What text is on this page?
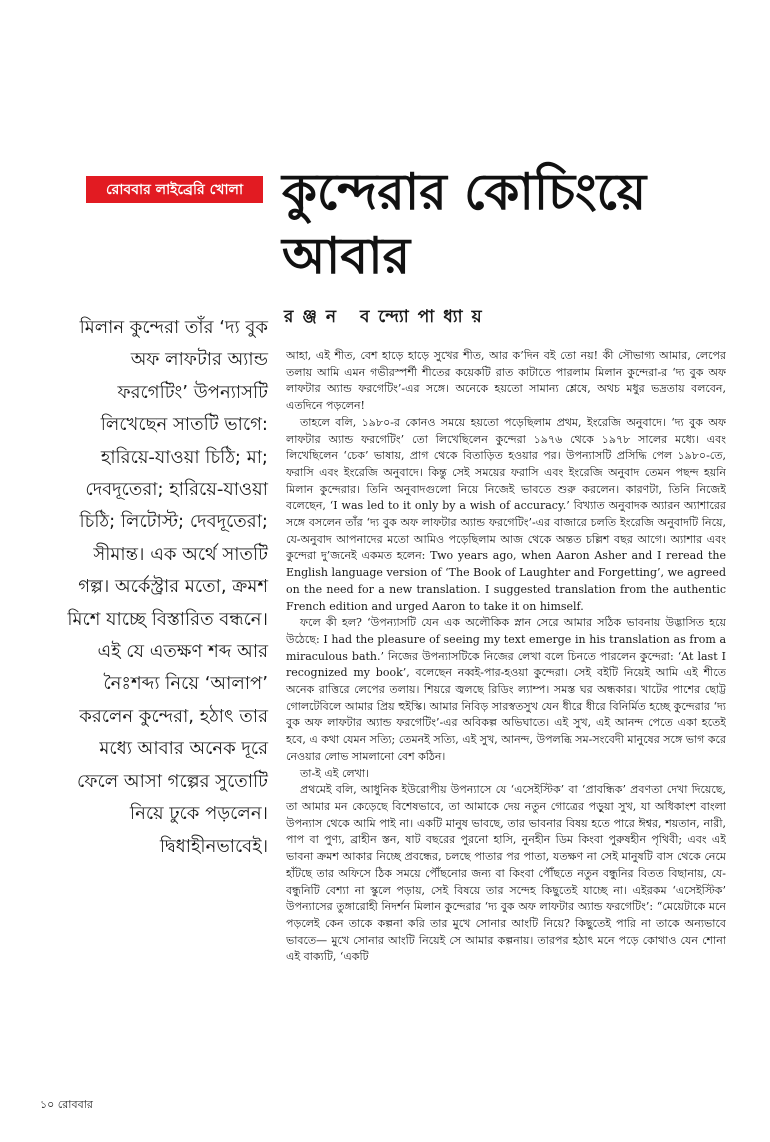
রোববার লাইব্রেরি খোলা কুন্দেরার কোচিংয়ে
আবার
রঞ্জন বন্দ্যোপাধ্যায়

মিলান কুন্দেরা তাঁর ‘দ্য বুক অফ লাফটার অ্যান্ড ফরগেটিং’ উপন্যাসটি লিখেছেন সাতটি ভাগে: হারিয়ে-যাওয়া চিঠি; মা; দেবদূতেরা; হারিয়ে-যাওয়া চিঠি; লিটোস্ট; দেবদূতেরা; সীমান্ত। এক অর্থে সাতটি গল্প। অর্কেস্ট্রার মতো, ক্রমশ মিশে যাচ্ছে বিস্তারিত বন্ধনে। এই যে এতক্ষণ শব্দ আর নৈঃশব্দ্য নিয়ে ‘আলাপ’ করলেন কুন্দেরা, হঠাৎ তার মধ্যে আবার অনেক দূরে ফেলে আসা গল্পের সুতোটি নিয়ে ঢুকে পড়লেন। দ্বিধাহীনভাবেই।

আহা, এই শীত, বেশ হাড়ে হাড়ে সুখের শীত, আর ক’দিন বই তো নয়! কী সৌভাগ্য আমার, লেপের তলায় আমি এমন গভীরস্পর্শী শীতের কয়েকটি রাত কাটাতে পারলাম মিলান কুন্দেরা-র ‘দ্য বুক অফ লাফটার অ্যান্ড ফরগেটিং’-এর সঙ্গে। অনেকে হয়তো সামান্য শ্লেষে, অথচ মধুর ভদ্রতায় বলবেন, এতদিনে পড়লেন!

তাহলে বলি, ১৯৮০-র কোনও সময়ে হয়তো পড়েছিলাম প্রথম, ইংরেজি অনুবাদে। ‘দ্য বুক অফ লাফটার অ্যান্ড ফরগেটিং’ তো লিখেছিলেন কুন্দেরা ১৯৭৬ থেকে ১৯৭৮ সালের মধ্যে। এবং লিখেছিলেন ‘চেক’ ভাষায়, প্রাগ থেকে বিতাড়িত হওয়ার পর। উপন্যাসটি প্রসিদ্ধি পেল ১৯৮০-তে, ফরাসি এবং ইংরেজি অনুবাদে। কিন্তু সেই সময়ের ফরাসি এবং ইংরেজি অনুবাদ তেমন পছন্দ হয়নি মিলান কুন্দেরার। তিনি অনুবাদগুলো নিয়ে নিজেই ভাবতে শুরু করলেন। কারণটা, তিনি নিজেই বলেছেন, ‘I was led to it only by a wish of accuracy.’ বিখ্যাত অনুবাদক অ্যারন অ্যাশারের সঙ্গে বসলেন তাঁর ‘দ্য বুক অফ লাফটার অ্যান্ড ফরগেটিং’-এর বাজারে চলতি ইংরেজি অনুবাদটি নিয়ে, যে-অনুবাদ আপনাদের মতো আমিও পড়েছিলাম আজ থেকে অন্তত চল্লিশ বছর আগে। অ্যাশার এবং কুন্দেরা দু’জনেই একমত হলেন: Two years ago, when Aaron Asher and I reread the English language version of ‘The Book of Laughter and Forgetting’, we agreed on the need for a new translation. I suggested translation from the authentic French edition and urged Aaron to take it on himself.

ফলে কী হল? ‘উপন্যাসটি যেন এক অলৌকিক স্নান সেরে আমার সঠিক ভাবনায় উদ্ভাসিত হয়ে উঠেছে: I had the pleasure of seeing my text emerge in his translation as from a miraculous bath.’ নিজের উপন্যাসটিকে নিজের লেখা বলে চিনতে পারলেন কুন্দেরা: ‘At last I recognized my book’, বলেছেন নব্বই-পার-হওয়া কুন্দেরা। সেই বইটি নিয়েই আমি এই শীতে অনেক রাত্তিরে লেপের তলায়। শিয়রে জ্বলছে রিডিং ল্যাম্প। সমস্ত ঘর অন্ধকার। খাটের পাশের ছোট্ট গোলটেবিলে আমার প্রিয় হুইস্কি। আমার নিবিড় সারস্বতসুখ যেন ধীরে ধীরে বিনির্মিত হচ্ছে কুন্দেরার ‘দ্য বুক অফ লাফটার অ্যান্ড ফরগেটিং’-এর অবিকল্প অভিঘাতে। এই সুখ, এই আনন্দ পেতে একা হতেই হবে, এ কথা যেমন সত্যি; তেমনই সত্যি, এই সুখ, আনন্দ, উপলব্ধি সম-সংবেদী মানুষের সঙ্গে ভাগ করে নেওয়ার লোভ সামলানো বেশ কঠিন।

তা-ই এই লেখা।

প্রথমেই বলি, আধুনিক ইউরোপীয় উপন্যাসে যে ‘এসেইস্টিক’ বা ‘প্রাবন্ধিক’ প্রবণতা দেখা দিয়েছে, তা আমার মন কেড়েছে বিশেষভাবে, তা আমাকে দেয় নতুন গোত্রের পড়ুয়া সুখ, যা অধিকাংশ বাংলা উপন্যাস থেকে আমি পাই না। একটি মানুষ ভাবছে, তার ভাবনার বিষয় হতে পারে ঈশ্বর, শয়তান, নারী, পাপ বা পুণ্য, ব্রাহীন স্তন, ষাট বছরের পুরনো হাসি, নুনহীন ডিম কিংবা পুরুষহীন পৃথিবী; এবং এই ভাবনা ক্রমশ আকার নিচ্ছে প্রবন্ধের, চলছে পাতার পর পাতা, যতক্ষণ না সেই মানুষটি বাস থেকে নেমে হাঁটছে তার অফিসে ঠিক সময়ে পৌঁছনোর জন্য বা কিংবা পৌঁছতে নতুন বন্ধুনির বিতত বিছানায়, যে-বন্ধুনিটি বেশ্যা না স্কুলে পড়ায়, সেই বিষয়ে তার সন্দেহ কিছুতেই যাচ্ছে না। এইরকম ‘এসেইস্টিক’ উপন্যাসের তুঙ্গারোহী নিদর্শন মিলান কুন্দেরার ‘দ্য বুক অফ লাফটার অ্যান্ড ফরগেটিং’: “মেয়েটাকে মনে পড়লেই কেন তাকে কল্পনা করি তার মুখে সোনার আংটি নিয়ে? কিছুতেই পারি না তাকে অন্যভাবে ভাবতে— মুখে সোনার আংটি নিয়েই সে আমার কল্পনায়। তারপর হঠাৎ মনে পড়ে কোথাও যেন শোনা এই বাক্যটি, ‘একটি

১০ রোববার
